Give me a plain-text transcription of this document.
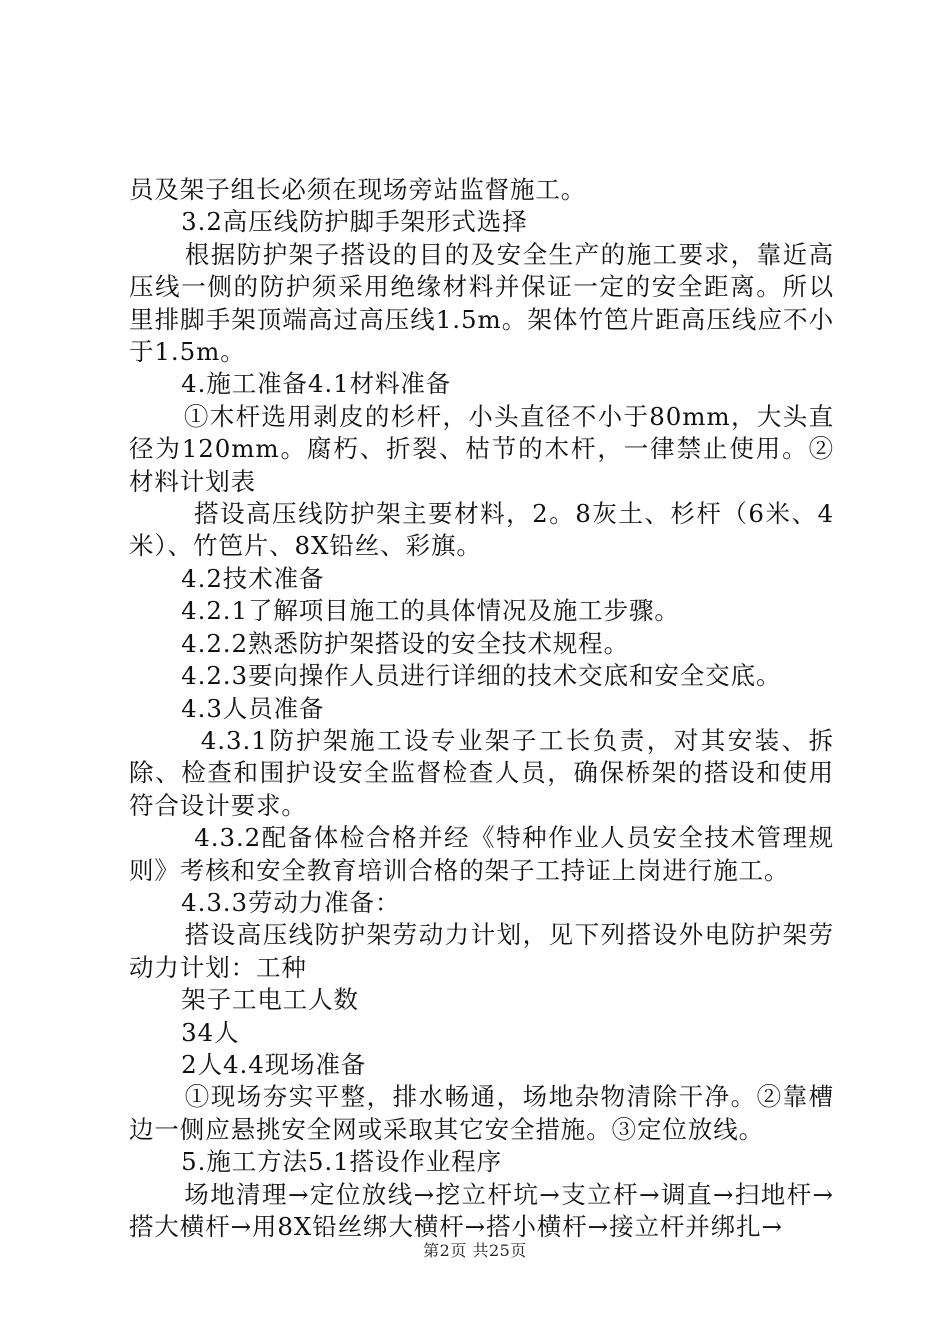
员及架子组长必须在现场旁站监督施工。

3.2高压线防护脚手架形式选择

根据防护架子搭设的目的及安全生产的施工要求，靠近高压线一侧的防护须采用绝缘材料并保证一定的安全距离。所以里排脚手架顶端高过高压线1.5m。架体竹笆片距高压线应不小于1.5m。

4.施工准备4.1材料准备

①木杆选用剥皮的杉杆，小头直径不小于80mm，大头直径为120mm。腐朽、折裂、枯节的木杆，一律禁止使用。②材料计划表

搭设高压线防护架主要材料，2。8灰土、杉杆（6米、4米）、竹笆片、8X铅丝、彩旗。

4.2技术准备

4.2.1了解项目施工的具体情况及施工步骤。

4.2.2熟悉防护架搭设的安全技术规程。

4.2.3要向操作人员进行详细的技术交底和安全交底。

4.3人员准备

4.3.1防护架施工设专业架子工长负责，对其安装、拆除、检查和围护设安全监督检查人员，确保桥架的搭设和使用符合设计要求。

4.3.2配备体检合格并经《特种作业人员安全技术管理规则》考核和安全教育培训合格的架子工持证上岗进行施工。

4.3.3劳动力准备：

搭设高压线防护架劳动力计划，见下列搭设外电防护架劳动力计划：工种

架子工电工人数

34人

2人4.4现场准备

①现场夯实平整，排水畅通，场地杂物清除干净。②靠槽边一侧应悬挑安全网或采取其它安全措施。③定位放线。

5.施工方法5.1搭设作业程序

场地清理→定位放线→挖立杆坑→支立杆→调直→扫地杆→搭大横杆→用8X铅丝绑大横杆→搭小横杆→接立杆并绑扎→

第2页 共25页
